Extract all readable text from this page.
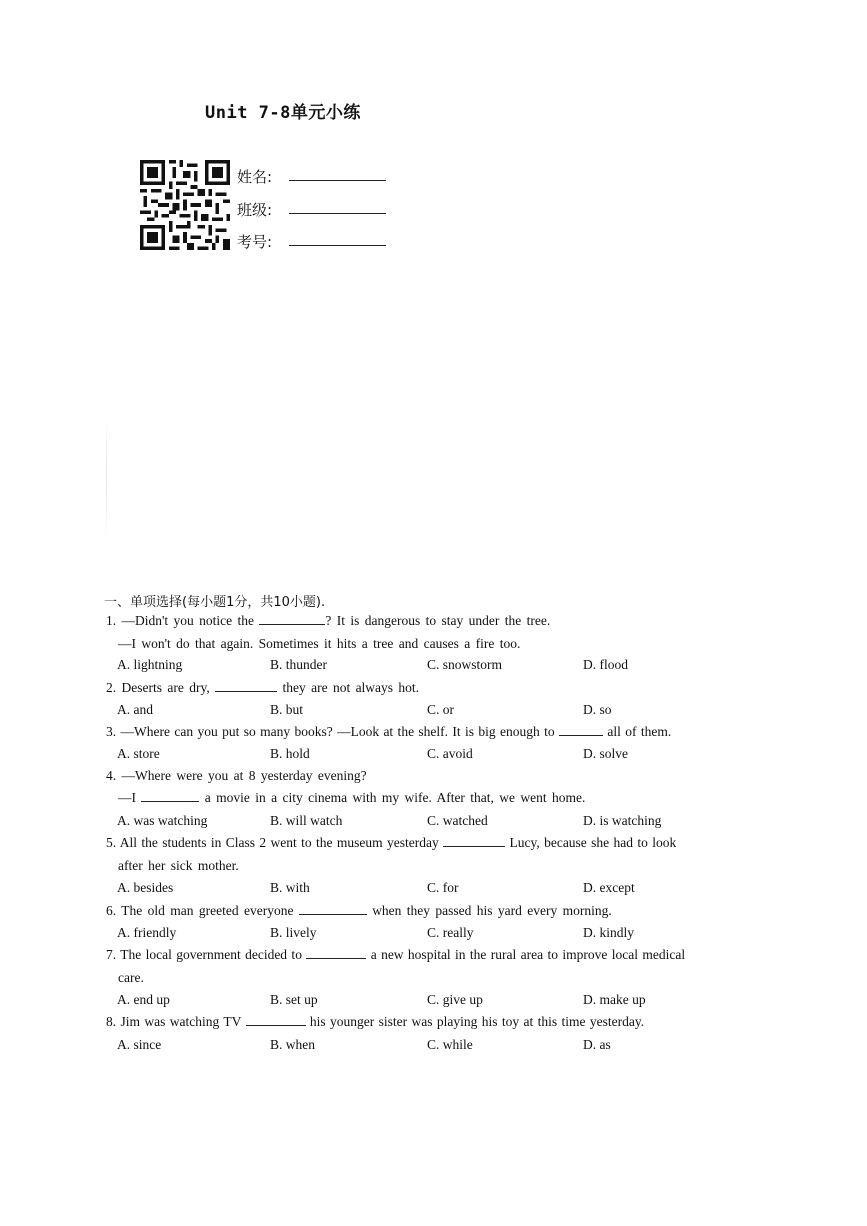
Unit 7-8单元小练
姓名:
班级:
考号:
一、单项选择(每小题1分，共10小题).
1. —Didn't you notice the	? It is dangerous to stay under the tree.
—I won't do that again. Sometimes it hits a tree and causes a fire too.
A. lightning	B. thunder	C. snowstorm	D. flood
2. Deserts are dry,	they are not always hot.
A. and	B. but	C. or	D. so
3. —Where can you put so many books? —Look at the shelf. It is big enough to	all of them.
A. store	B. hold	C. avoid	D. solve
4. —Where were you at 8 yesterday evening?
—I	a movie in a city cinema with my wife. After that, we went home.
A. was watching	B. will watch	C. watched	D. is watching
5. All the students in Class 2 went to the museum yesterday	Lucy, because she had to look
after her sick mother.
A. besides	B. with	C. for	D. except
6. The old man greeted everyone	when they passed his yard every morning.
A. friendly	B. lively	C. really	D. kindly
7. The local government decided to	a new hospital in the rural area to improve local medical
care.
A. end up	B. set up	C. give up	D. make up
8. Jim was watching TV	his younger sister was playing his toy at this time yesterday.
A. since	B. when	C. while	D. as
